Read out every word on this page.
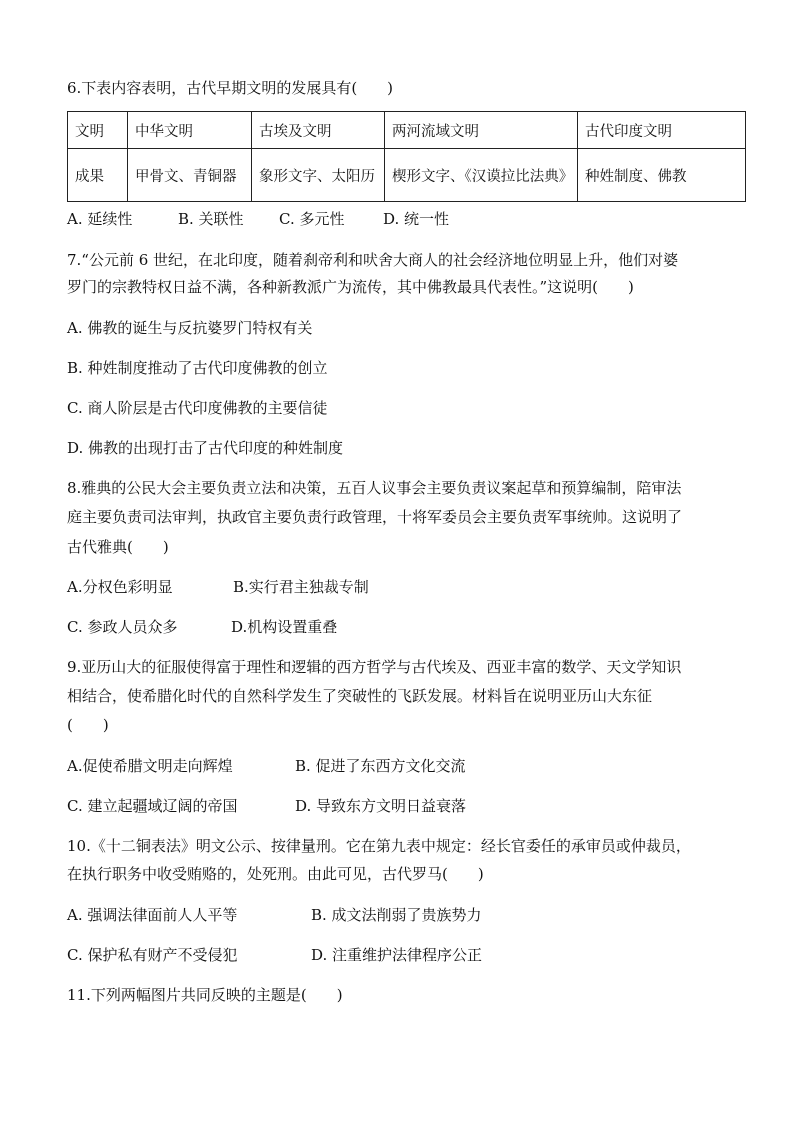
6.下表内容表明，古代早期文明的发展具有(　　)
文明	中华文明	古埃及文明	两河流域文明	古代印度文明
成果	甲骨文、青铜器	象形文字、太阳历	楔形文字、《汉谟拉比法典》	种姓制度、佛教
A. 延续性	B. 关联性 C. 多元性	D. 统一性
7.“公元前 6 世纪，在北印度，随着刹帝利和吠舍大商人的社会经济地位明显上升，他们对婆
罗门的宗教特权日益不满，各种新教派广为流传，其中佛教最具代表性。”这说明(　　)
A. 佛教的诞生与反抗婆罗门特权有关
B. 种姓制度推动了古代印度佛教的创立
C. 商人阶层是古代印度佛教的主要信徒
D. 佛教的出现打击了古代印度的种姓制度
8.雅典的公民大会主要负责立法和决策，五百人议事会主要负责议案起草和预算编制，陪审法
庭主要负责司法审判，执政官主要负责行政管理，十将军委员会主要负责军事统帅。这说明了
古代雅典(　　)
A.分权色彩明显	B.实行君主独裁专制
C. 参政人员众多	D.机构设置重叠
9.亚历山大的征服使得富于理性和逻辑的西方哲学与古代埃及、西亚丰富的数学、天文学知识
相结合，使希腊化时代的自然科学发生了突破性的飞跃发展。材料旨在说明亚历山大东征
(　　)
A.促使希腊文明走向辉煌	B. 促进了东西方文化交流
C. 建立起疆域辽阔的帝国	D. 导致东方文明日益衰落
10.《十二铜表法》明文公示、按律量刑。它在第九表中规定：经长官委任的承审员或仲裁员，
在执行职务中收受贿赂的，处死刑。由此可见，古代罗马(　　)
A. 强调法律面前人人平等	B. 成文法削弱了贵族势力
C. 保护私有财产不受侵犯	D. 注重维护法律程序公正
11.下列两幅图片共同反映的主题是(　　)
